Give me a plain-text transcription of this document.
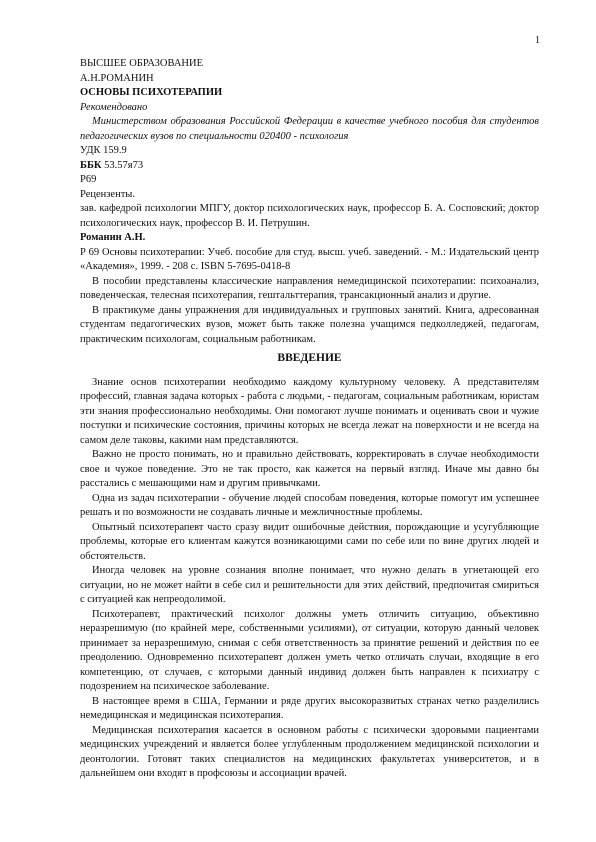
1
ВЫСШЕЕ ОБРАЗОВАНИЕ
А.Н.РОМАНИН
ОСНОВЫ ПСИХОТЕРАПИИ
Рекомендовано

Министерством образования Российской Федерации в качестве учебного пособия для студентов педагогических вузов по специальности 020400 - психология

УДК 159.9
ББК 53.57я73
Р69
Рецензенты.

зав. кафедрой психологии МПГУ, доктор психологических наук, профессор Б. А. Сосповский; доктор психологических наук, профессор В. И. Петрушин.

Романин А.Н.

Р 69 Основы психотерапии: Учеб. пособие для студ. высш. учеб. заведений. - М.: Издательский центр «Академия», 1999. - 208 с. ISBN 5-7695-0418-8

В пособии представлены классические направления немедицинской психотерапии: психоанализ, поведенческая, телесная психотерапия, гештальттерапия, трансакционный анализ и другие.

В практикуме даны упражнения для индивидуальных и групповых занятий. Книга, адресованная студентам педагогических вузов, может быть также полезна учащимся педколледжей, педагогам, практическим психологам, социальным работникам.

ВВЕДЕНИЕ

Знание основ психотерапии необходимо каждому культурному человеку. А представителям профессий, главная задача которых - работа с людьми, - педагогам, социальным работникам, юристам эти знания профессионально необходимы. Они помогают лучше понимать и оценивать свои и чужие поступки и психические состояния, причины которых не всегда лежат на поверхности и не всегда на самом деле таковы, какими нам представляются.

Важно не просто понимать, но и правильно действовать, корректировать в случае необходимости свое и чужое поведение. Это не так просто, как кажется на первый взгляд. Иначе мы давно бы расстались с мешающими нам и другим привычками.

Одна из задач психотерапии - обучение людей способам поведения, которые помогут им успешнее решать и по возможности не создавать личные и межличностные проблемы.

Опытный психотерапевт часто сразу видит ошибочные действия, порождающие и усугубляющие проблемы, которые его клиентам кажутся возникающими сами по себе или по вине других людей и обстоятельств.

Иногда человек на уровне сознания вполне понимает, что нужно делать в угнетающей его ситуации, но не может найти в себе сил и решительности для этих действий, предпочитая смириться с ситуацией как непреодолимой.

Психотерапевт, практический психолог должны уметь отличить ситуацию, объективно неразрешимую (по крайней мере, собственными усилиями), от ситуации, которую данный человек принимает за неразрешимую, снимая с себя ответственность за принятие решений и действия по ее преодолению. Одновременно психотерапевт должен уметь четко отличать случаи, входящие в его компетенцию, от случаев, с которыми данный индивид должен быть направлен к психиатру с подозрением на психическое заболевание.

В настоящее время в США, Германии и ряде других высокоразвитых странах четко разделились немедицинская и медицинская психотерапия.

Медицинская психотерапия касается в основном работы с психически здоровыми пациентами медицинских учреждений и является более углубленным продолжением медицинской психологии и деонтологии. Готовят таких специалистов на медицинских факультетах университетов, и в дальнейшем они входят в профсоюзы и ассоциации врачей.
